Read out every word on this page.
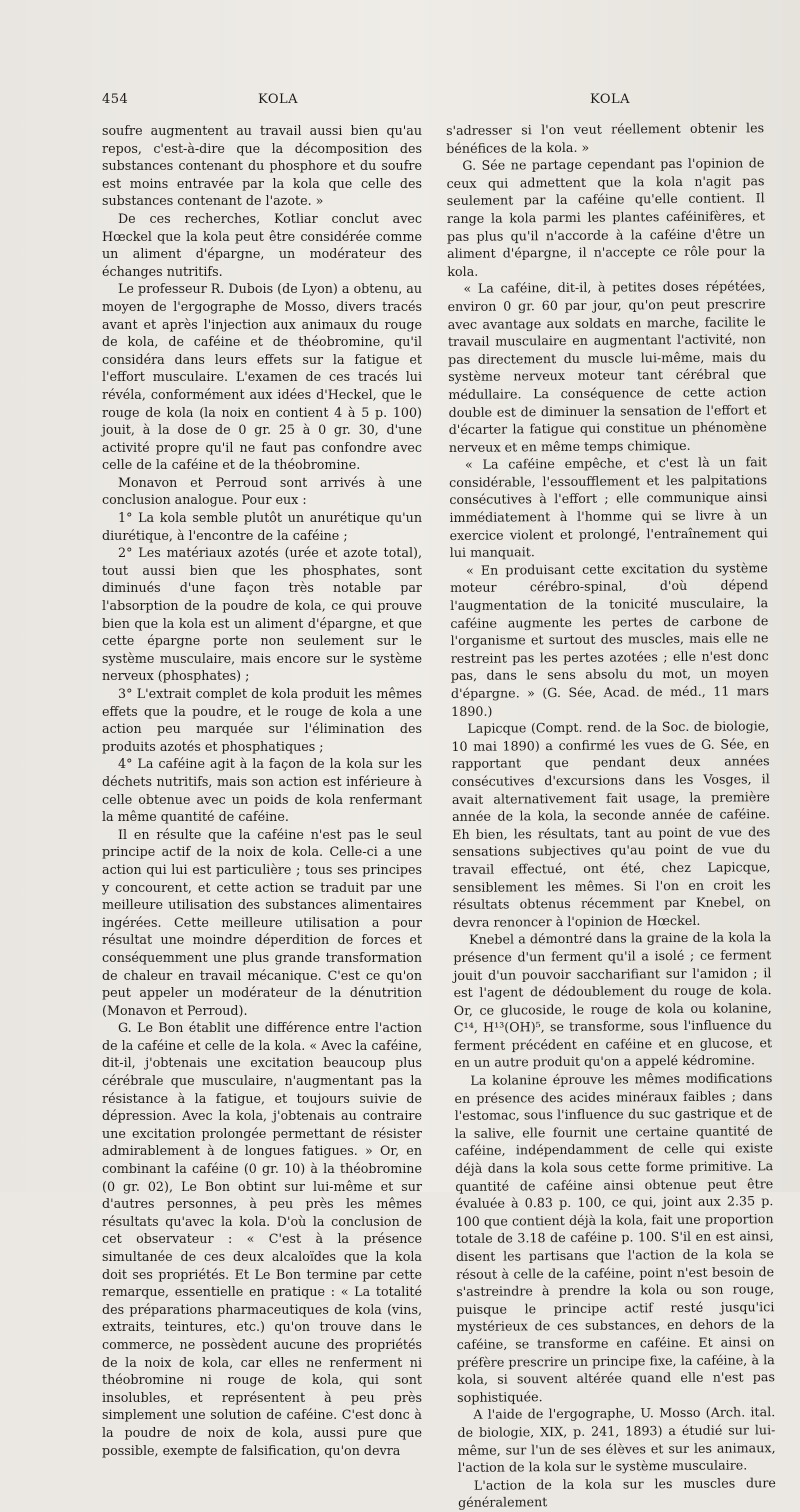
454	KOLA	KOLA

soufre augmentent au travail aussi bien qu'au repos, c'est-à-dire que la décomposition des substances contenant du phosphore et du soufre est moins entravée par la kola que celle des substances contenant de l'azote. »

De ces recherches, Kotliar conclut avec Hœckel que la kola peut être considérée comme un aliment d'épargne, un modérateur des échanges nutritifs.

Le professeur R. Dubois (de Lyon) a obtenu, au moyen de l'ergographe de Mosso, divers tracés avant et après l'injection aux animaux du rouge de kola, de caféine et de théobromine, qu'il considéra dans leurs effets sur la fatigue et l'effort musculaire. L'examen de ces tracés lui révéla, conformément aux idées d'Heckel, que le rouge de kola (la noix en contient 4 à 5 p. 100) jouit, à la dose de 0 gr. 25 à 0 gr. 30, d'une activité propre qu'il ne faut pas confondre avec celle de la caféine et de la théobromine.

Monavon et Perroud sont arrivés à une conclusion analogue. Pour eux :

1° La kola semble plutôt un anurétique qu'un diurétique, à l'encontre de la caféine ;

2° Les matériaux azotés (urée et azote total), tout aussi bien que les phosphates, sont diminués d'une façon très notable par l'absorption de la poudre de kola, ce qui prouve bien que la kola est un aliment d'épargne, et que cette épargne porte non seulement sur le système musculaire, mais encore sur le système nerveux (phosphates) ;

3° L'extrait complet de kola produit les mêmes effets que la poudre, et le rouge de kola a une action peu marquée sur l'élimination des produits azotés et phosphatiques ;

4° La caféine agit à la façon de la kola sur les déchets nutritifs, mais son action est inférieure à celle obtenue avec un poids de kola renfermant la même quantité de caféine.

Il en résulte que la caféine n'est pas le seul principe actif de la noix de kola. Celle-ci a une action qui lui est particulière ; tous ses principes y concourent, et cette action se traduit par une meilleure utilisation des substances alimentaires ingérées. Cette meilleure utilisation a pour résultat une moindre déperdition de forces et conséquemment une plus grande transformation de chaleur en travail mécanique. C'est ce qu'on peut appeler un modérateur de la dénutrition (Monavon et Perroud).

G. Le Bon établit une différence entre l'action de la caféine et celle de la kola. « Avec la caféine, dit-il, j'obtenais une excitation beaucoup plus cérébrale que musculaire, n'augmentant pas la résistance à la fatigue, et toujours suivie de dépression. Avec la kola, j'obtenais au contraire une excitation prolongée permettant de résister admirablement à de longues fatigues. » Or, en combinant la caféine (0 gr. 10) à la théobromine (0 gr. 02), Le Bon obtint sur lui-même et sur d'autres personnes, à peu près les mêmes résultats qu'avec la kola. D'où la conclusion de cet observateur : « C'est à la présence simultanée de ces deux alcaloïdes que la kola doit ses propriétés. Et Le Bon termine par cette remarque, essentielle en pratique : « La totalité des préparations pharmaceutiques de kola (vins, extraits, teintures, etc.) qu'on trouve dans le commerce, ne possèdent aucune des propriétés de la noix de kola, car elles ne renferment ni théobromine ni rouge de kola, qui sont insolubles, et représentent à peu près simplement une solution de caféine. C'est donc à la poudre de noix de kola, aussi pure que possible, exempte de falsification, qu'on devra

s'adresser si l'on veut réellement obtenir les bénéfices de la kola. »

G. Sée ne partage cependant pas l'opinion de ceux qui admettent que la kola n'agit pas seulement par la caféine qu'elle contient. Il range la kola parmi les plantes caféinifères, et pas plus qu'il n'accorde à la caféine d'être un aliment d'épargne, il n'accepte ce rôle pour la kola.

« La caféine, dit-il, à petites doses répétées, environ 0 gr. 60 par jour, qu'on peut prescrire avec avantage aux soldats en marche, facilite le travail musculaire en augmentant l'activité, non pas directement du muscle lui-même, mais du système nerveux moteur tant cérébral que médullaire. La conséquence de cette action double est de diminuer la sensation de l'effort et d'écarter la fatigue qui constitue un phénomène nerveux et en même temps chimique.

« La caféine empêche, et c'est là un fait considérable, l'essoufflement et les palpitations consécutives à l'effort ; elle communique ainsi immédiatement à l'homme qui se livre à un exercice violent et prolongé, l'entraînement qui lui manquait.

« En produisant cette excitation du système moteur cérébro-spinal, d'où dépend l'augmentation de la tonicité musculaire, la caféine augmente les pertes de carbone de l'organisme et surtout des muscles, mais elle ne restreint pas les pertes azotées ; elle n'est donc pas, dans le sens absolu du mot, un moyen d'épargne. » (G. Sée, Acad. de méd., 11 mars 1890.)

Lapicque (Compt. rend. de la Soc. de biologie, 10 mai 1890) a confirmé les vues de G. Sée, en rapportant que pendant deux années consécutives d'excursions dans les Vosges, il avait alternativement fait usage, la première année de la kola, la seconde année de caféine. Eh bien, les résultats, tant au point de vue des sensations subjectives qu'au point de vue du travail effectué, ont été, chez Lapicque, sensiblement les mêmes. Si l'on en croit les résultats obtenus récemment par Knebel, on devra renoncer à l'opinion de Hœckel.

Knebel a démontré dans la graine de la kola la présence d'un ferment qu'il a isolé ; ce ferment jouit d'un pouvoir saccharifiant sur l'amidon ; il est l'agent de dédoublement du rouge de kola. Or, ce glucoside, le rouge de kola ou kolanine, C¹⁴, H¹³(OH)⁵, se transforme, sous l'influence du ferment précédent en caféine et en glucose, et en un autre produit qu'on a appelé kédromine.

La kolanine éprouve les mêmes modifications en présence des acides minéraux faibles ; dans l'estomac, sous l'influence du suc gastrique et de la salive, elle fournit une certaine quantité de caféine, indépendamment de celle qui existe déjà dans la kola sous cette forme primitive. La quantité de caféine ainsi obtenue peut être évaluée à 0.83 p. 100, ce qui, joint aux 2.35 p. 100 que contient déjà la kola, fait une proportion totale de 3.18 de caféine p. 100. S'il en est ainsi, disent les partisans que l'action de la kola se résout à celle de la caféine, point n'est besoin de s'astreindre à prendre la kola ou son rouge, puisque le principe actif resté jusqu'ici mystérieux de ces substances, en dehors de la caféine, se transforme en caféine. Et ainsi on préfère prescrire un principe fixe, la caféine, à la kola, si souvent altérée quand elle n'est pas sophistiquée.

A l'aide de l'ergographe, U. Mosso (Arch. ital. de biologie, XIX, p. 241, 1893) a étudié sur lui-même, sur l'un de ses élèves et sur les animaux, l'action de la kola sur le système musculaire.

L'action de la kola sur les muscles dure généralement
